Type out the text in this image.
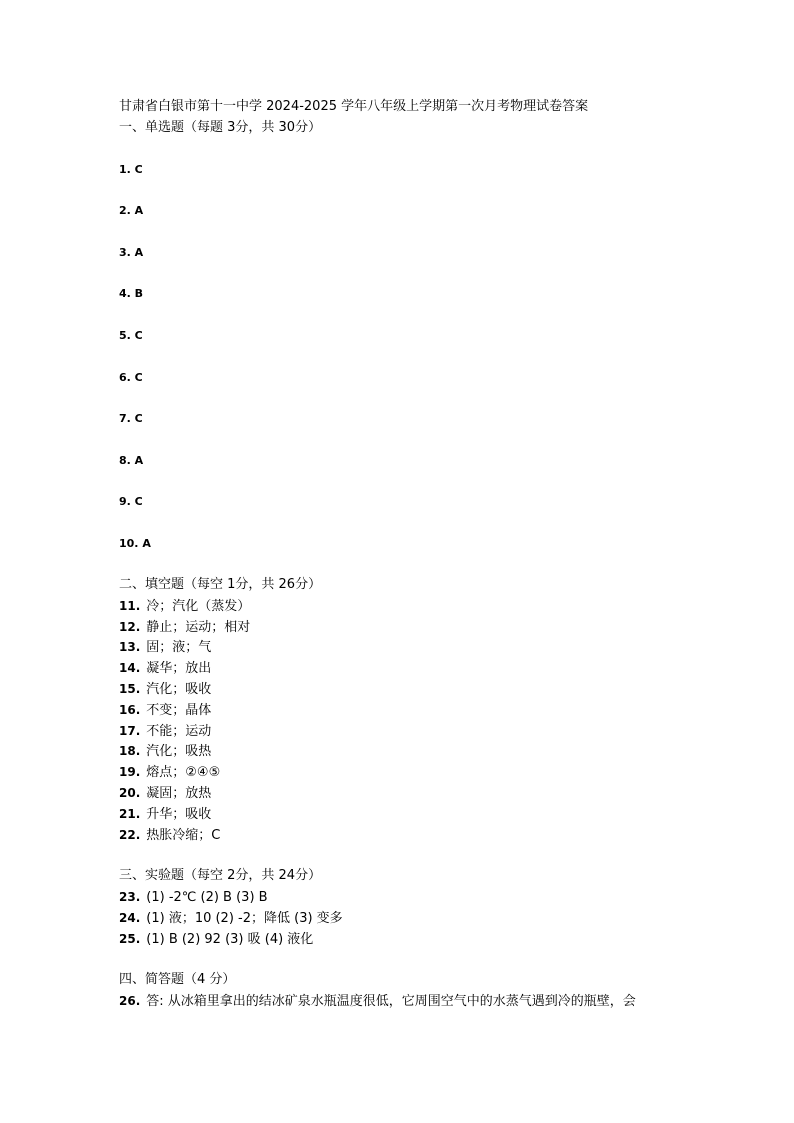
甘肃省白银市第十一中学 2024-2025 学年八年级上学期第一次月考物理试卷答案
一、单选题（每题 3分，共 30分）
1. C
2. A
3. A
4. B
5. C
6. C
7. C
8. A
9. C
10. A
二、填空题（每空 1分，共 26分）
11. 冷；汽化（蒸发）
12. 静止；运动；相对
13. 固；液；气
14. 凝华；放出
15. 汽化；吸收
16. 不变；晶体
17. 不能；运动
18. 汽化；吸热
19. 熔点；②④⑤
20. 凝固；放热
21. 升华；吸收
22. 热胀冷缩；C
三、实验题（每空 2分，共 24分）
23. (1) -2℃ (2) B (3) B
24. (1) 液；10 (2) -2；降低 (3) 变多
25. (1) B (2) 92 (3) 吸 (4) 液化
四、简答题（4 分）
26. 答: 从冰箱里拿出的结冰矿泉水瓶温度很低，它周围空气中的水蒸气遇到冷的瓶壁，会
